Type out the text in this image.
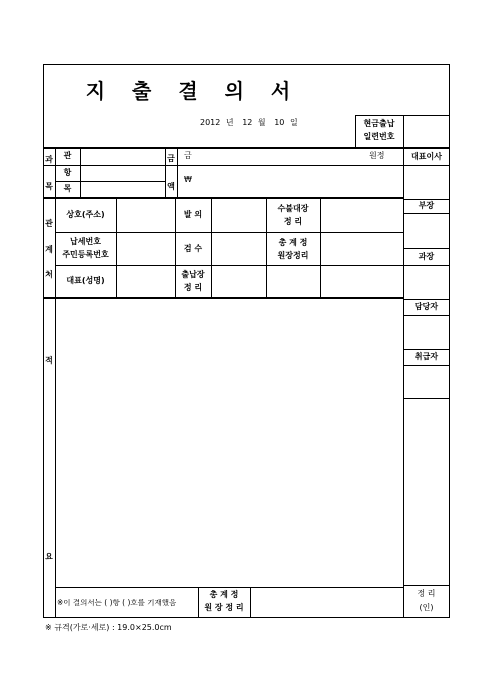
지 출 결 의 서
2012 년 12 월 10 일	현금출납
일련번호
과
목
관
항
목
금
액
금	원정
₩
관
계
처
상호(주소)
납세번호
주민등록번호
대표(성명)
발 의
검 수
출납장
정 리
수불대장
정 리
총 계 정
원장정리
적
요
※이 결의서는 ( )항 ( )호를 기재했음
총 계 정
원 장 정 리
대표이사
부장
과장
담당자
취급자
정 리
(인)
※ 규격(가로·세로) : 19.0×25.0cm
